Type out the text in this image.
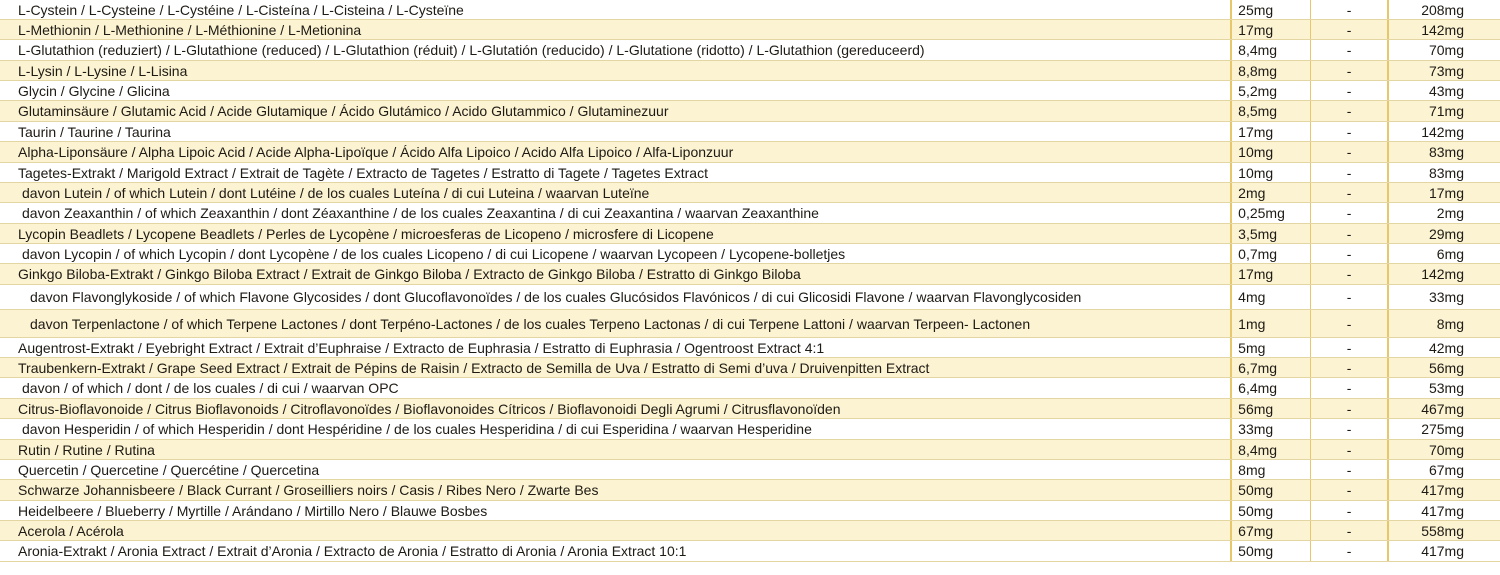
L-Cystein / L-Cysteine / L-Cystéine / L-Cisteína / L-Cisteina / L-Cysteïne	25mg	-	208mg
L-Methionin / L-Methionine / L-Méthionine / L-Metionina	17mg	-	142mg
L-Glutathion (reduziert) / L-Glutathione (reduced) / L-Glutathion (réduit) / L-Glutatión (reducido) / L-Glutatione (ridotto) / L-Glutathion (gereduceerd)	8,4mg	-	70mg
L-Lysin / L-Lysine / L-Lisina	8,8mg	-	73mg
Glycin / Glycine / Glicina	5,2mg	-	43mg
Glutaminsäure / Glutamic Acid / Acide Glutamique / Ácido Glutámico / Acido Glutammico / Glutaminezuur	8,5mg	-	71mg
Taurin / Taurine / Taurina	17mg	-	142mg
Alpha-Liponsäure / Alpha Lipoic Acid / Acide Alpha-Lipoïque / Ácido Alfa Lipoico / Acido Alfa Lipoico / Alfa-Liponzuur	10mg	-	83mg
Tagetes-Extrakt / Marigold Extract / Extrait de Tagète / Extracto de Tagetes / Estratto di Tagete / Tagetes Extract	10mg	-	83mg
davon Lutein / of which Lutein / dont Lutéine / de los cuales Luteína / di cui Luteina / waarvan Luteïne	2mg	-	17mg
davon Zeaxanthin / of which Zeaxanthin / dont Zéaxanthine / de los cuales Zeaxantina / di cui Zeaxantina / waarvan Zeaxanthine	0,25mg	-	2mg
Lycopin Beadlets / Lycopene Beadlets / Perles de Lycopène / microesferas de Licopeno / microsfere di Licopene	3,5mg	-	29mg
davon Lycopin / of which Lycopin / dont Lycopène / de los cuales Licopeno / di cui Licopene / waarvan Lycopeen / Lycopene-bolletjes	0,7mg	-	6mg
Ginkgo Biloba-Extrakt / Ginkgo Biloba Extract / Extrait de Ginkgo Biloba / Extracto de Ginkgo Biloba / Estratto di Ginkgo Biloba	17mg	-	142mg
davon Flavonglykoside / of which Flavone Glycosides / dont Glucoflavonoïdes / de los cuales Glucósidos Flavónicos / di cui Glicosidi Flavone / waarvan Flavonglycosiden	4mg	-	33mg
davon Terpenlactone / of which Terpene Lactones / dont Terpéno-Lactones / de los cuales Terpeno Lactonas / di cui Terpene Lattoni / waarvan Terpeen- Lactonen	1mg	-	8mg
Augentrost-Extrakt / Eyebright Extract / Extrait d’Euphraise / Extracto de Euphrasia / Estratto di Euphrasia / Ogentroost Extract 4:1	5mg	-	42mg
Traubenkern-Extrakt / Grape Seed Extract / Extrait de Pépins de Raisin / Extracto de Semilla de Uva / Estratto di Semi d’uva / Druivenpitten Extract	6,7mg	-	56mg
davon / of which / dont / de los cuales / di cui / waarvan OPC	6,4mg	-	53mg
Citrus-Bioflavonoide / Citrus Bioflavonoids / Citroflavonoïdes / Bioflavonoides Cítricos / Bioflavonoidi Degli Agrumi / Citrusflavonoïden	56mg	-	467mg
davon Hesperidin / of which Hesperidin / dont Hespéridine / de los cuales Hesperidina / di cui Esperidina / waarvan Hesperidine	33mg	-	275mg
Rutin / Rutine / Rutina	8,4mg	-	70mg
Quercetin / Quercetine / Quercétine / Quercetina	8mg	-	67mg
Schwarze Johannisbeere / Black Currant / Groseilliers noirs / Casis / Ribes Nero / Zwarte Bes	50mg	-	417mg
Heidelbeere / Blueberry / Myrtille / Arándano / Mirtillo Nero / Blauwe Bosbes	50mg	-	417mg
Acerola / Acérola	67mg	-	558mg
Aronia-Extrakt / Aronia Extract / Extrait d’Aronia / Extracto de Aronia / Estratto di Aronia / Aronia Extract 10:1	50mg	-	417mg
